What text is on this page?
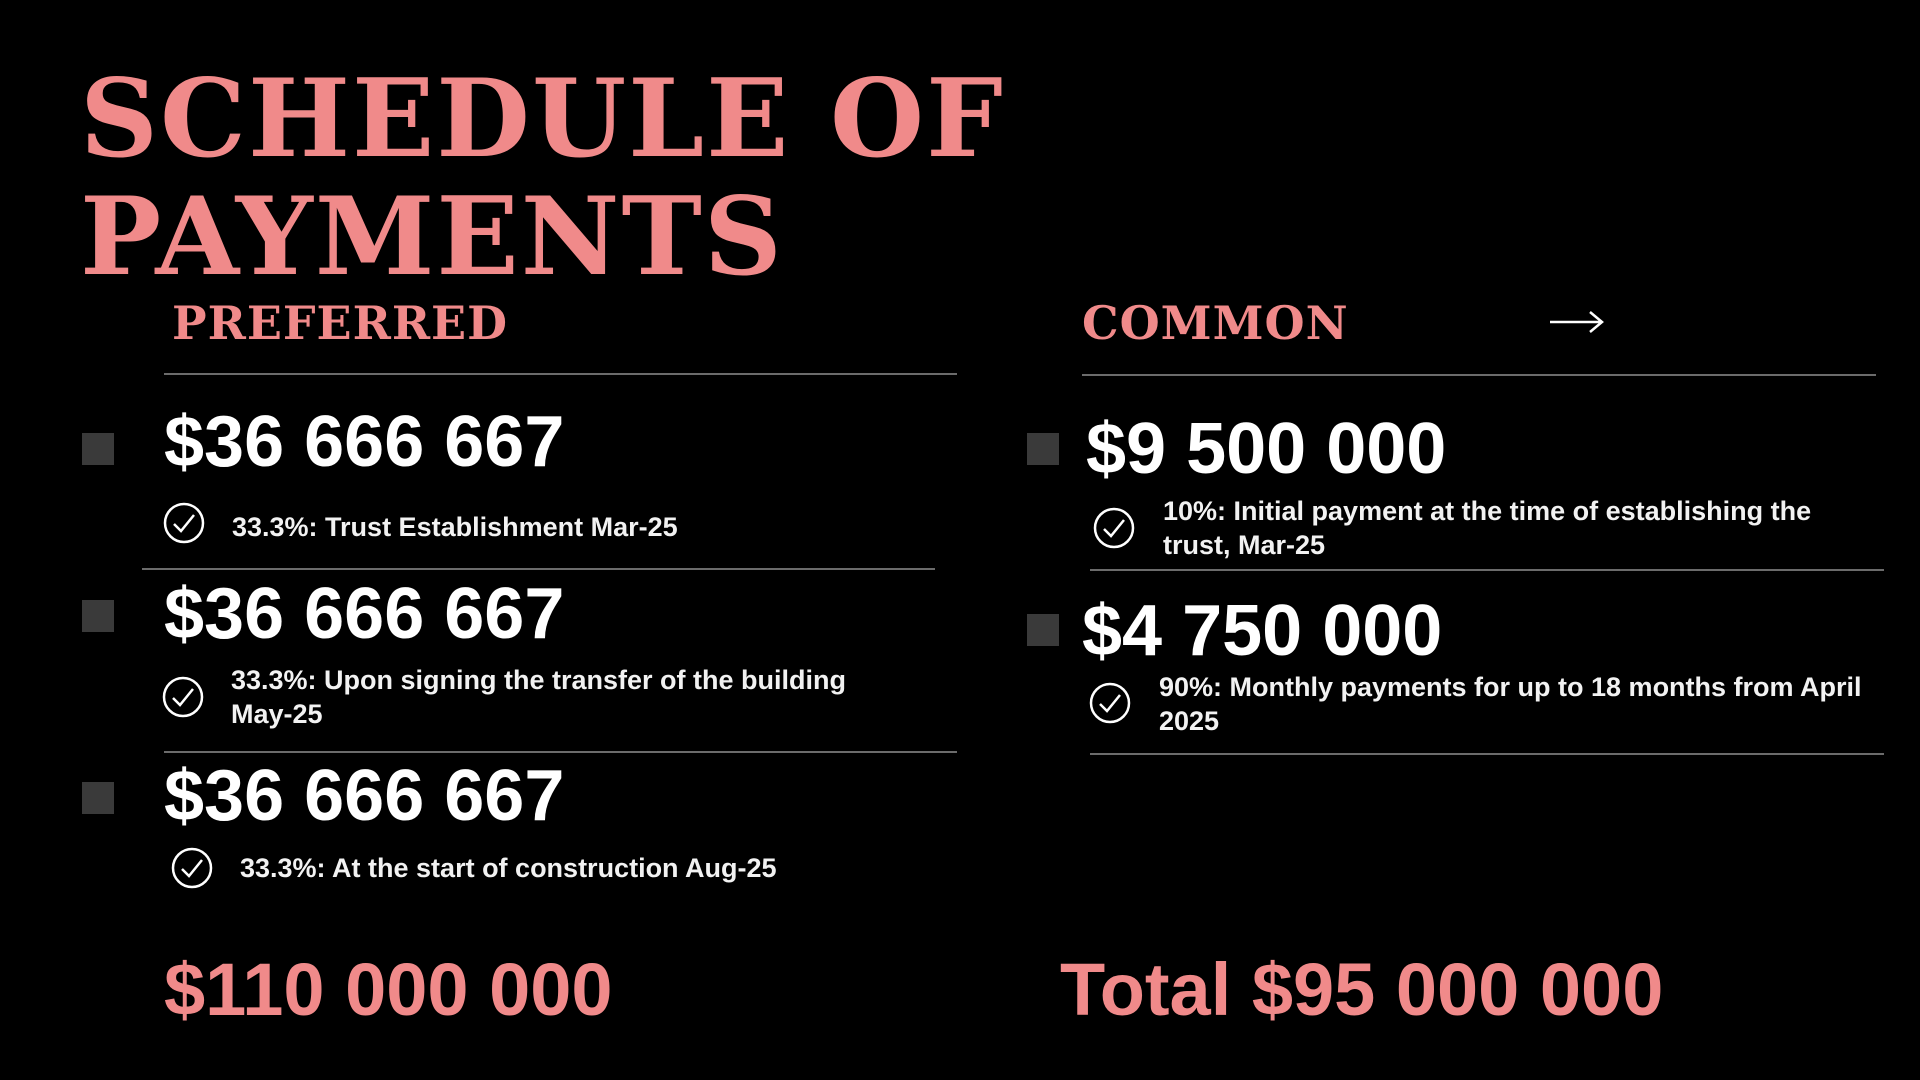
SCHEDULE OF
PAYMENTS
PREFERRED
$36 666 667
33.3%: Trust Establishment Mar-25
$36 666 667
33.3%: Upon signing the transfer of the building May-25
$36 666 667
33.3%: At the start of construction Aug-25
$110 000 000
COMMON
$9 500 000
10%: Initial payment at the time of establishing the trust, Mar-25
$4 750 000
90%: Monthly payments for up to 18 months from April 2025
Total $95 000 000
